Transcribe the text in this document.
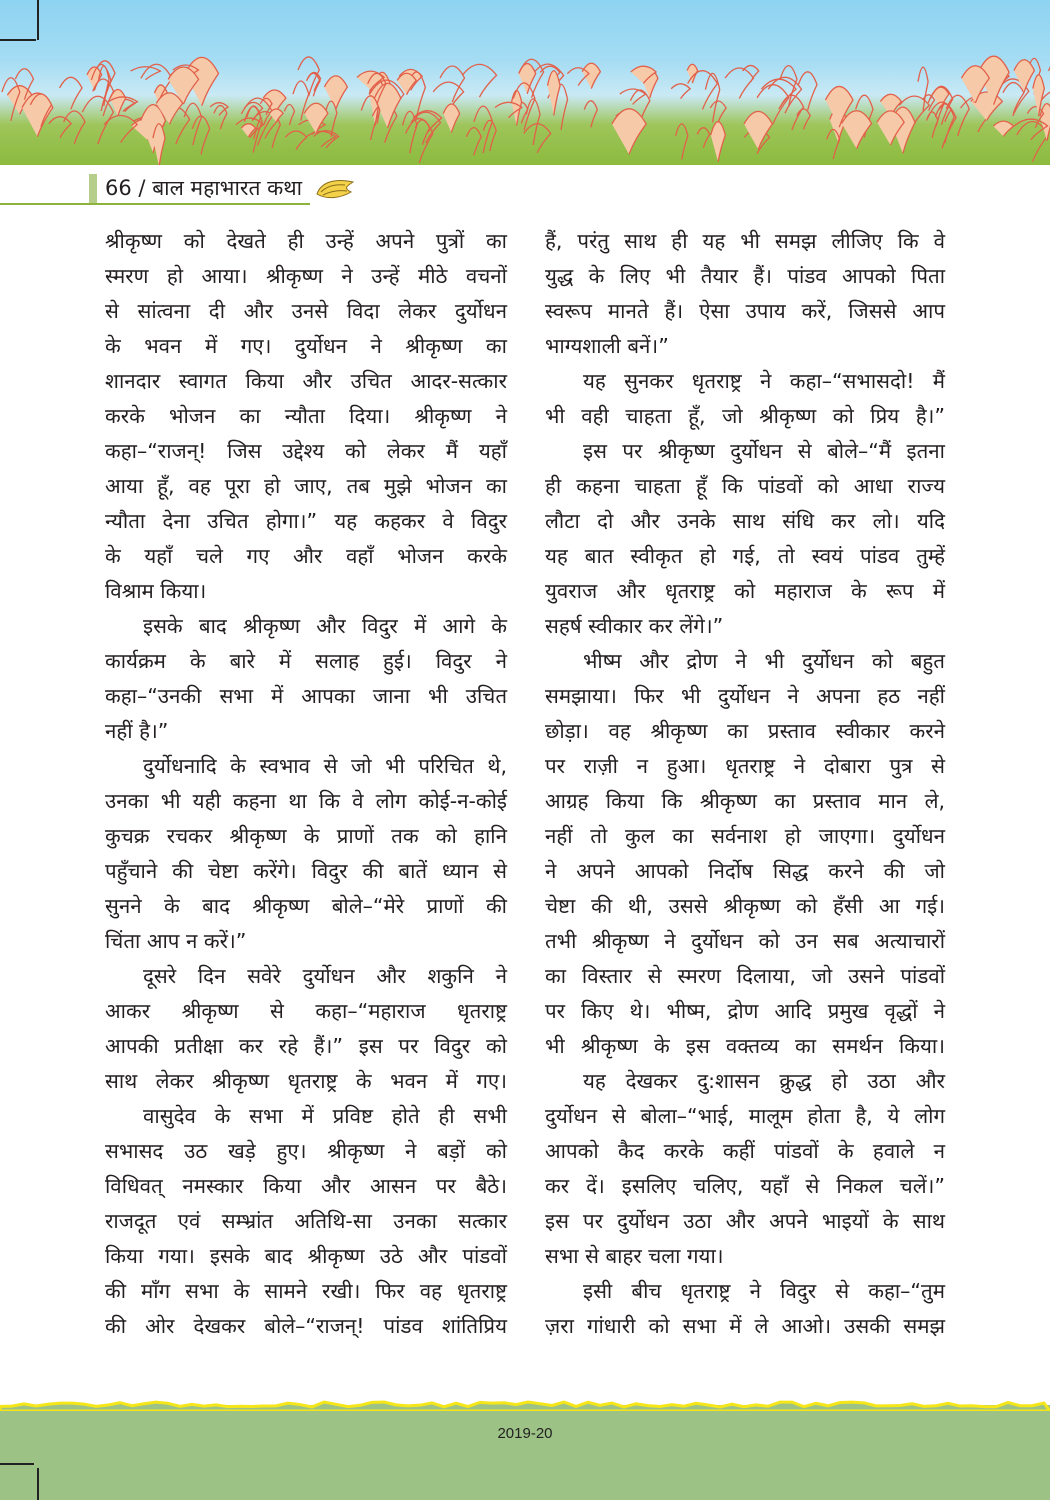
66 / बाल महाभारत कथा
श्रीकृष्ण को देखते ही उन्हें अपने पुत्रों का
स्मरण हो आया। श्रीकृष्ण ने उन्हें मीठे वचनों
से सांत्वना दी और उनसे विदा लेकर दुर्योधन
के भवन में गए। दुर्योधन ने श्रीकृष्ण का
शानदार स्वागत किया और उचित आदर-सत्कार
करके भोजन का न्यौता दिया। श्रीकृष्ण ने
कहा–“राजन्! जिस उद्देश्य को लेकर मैं यहाँ
आया हूँ, वह पूरा हो जाए, तब मुझे भोजन का
न्यौता देना उचित होगा।” यह कहकर वे विदुर
के यहाँ चले गए और वहाँ भोजन करके
विश्राम किया।
इसके बाद श्रीकृष्ण और विदुर में आगे के
कार्यक्रम के बारे में सलाह हुई। विदुर ने
कहा–“उनकी सभा में आपका जाना भी उचित
नहीं है।”
दुर्योधनादि के स्वभाव से जो भी परिचित थे,
उनका भी यही कहना था कि वे लोग कोई-न-कोई
कुचक्र रचकर श्रीकृष्ण के प्राणों तक को हानि
पहुँचाने की चेष्टा करेंगे। विदुर की बातें ध्यान से
सुनने के बाद श्रीकृष्ण बोले–“मेरे प्राणों की
चिंता आप न करें।”
दूसरे दिन सवेरे दुर्योधन और शकुनि ने
आकर श्रीकृष्ण से कहा–“महाराज धृतराष्ट्र
आपकी प्रतीक्षा कर रहे हैं।” इस पर विदुर को
साथ लेकर श्रीकृष्ण धृतराष्ट्र के भवन में गए।
वासुदेव के सभा में प्रविष्ट होते ही सभी
सभासद उठ खड़े हुए। श्रीकृष्ण ने बड़ों को
विधिवत् नमस्कार किया और आसन पर बैठे।
राजदूत एवं सम्भ्रांत अतिथि-सा उनका सत्कार
किया गया। इसके बाद श्रीकृष्ण उठे और पांडवों
की माँग सभा के सामने रखी। फिर वह धृतराष्ट्र
की ओर देखकर बोले–“राजन्! पांडव शांतिप्रिय
हैं, परंतु साथ ही यह भी समझ लीजिए कि वे
युद्ध के लिए भी तैयार हैं। पांडव आपको पिता
स्वरूप मानते हैं। ऐसा उपाय करें, जिससे आप
भाग्यशाली बनें।”
यह सुनकर धृतराष्ट्र ने कहा–“सभासदो! मैं
भी वही चाहता हूँ, जो श्रीकृष्ण को प्रिय है।”
इस पर श्रीकृष्ण दुर्योधन से बोले–“मैं इतना
ही कहना चाहता हूँ कि पांडवों को आधा राज्य
लौटा दो और उनके साथ संधि कर लो। यदि
यह बात स्वीकृत हो गई, तो स्वयं पांडव तुम्हें
युवराज और धृतराष्ट्र को महाराज के रूप में
सहर्ष स्वीकार कर लेंगे।”
भीष्म और द्रोण ने भी दुर्योधन को बहुत
समझाया। फिर भी दुर्योधन ने अपना हठ नहीं
छोड़ा। वह श्रीकृष्ण का प्रस्ताव स्वीकार करने
पर राज़ी न हुआ। धृतराष्ट्र ने दोबारा पुत्र से
आग्रह किया कि श्रीकृष्ण का प्रस्ताव मान ले,
नहीं तो कुल का सर्वनाश हो जाएगा। दुर्योधन
ने अपने आपको निर्दोष सिद्ध करने की जो
चेष्टा की थी, उससे श्रीकृष्ण को हँसी आ गई।
तभी श्रीकृष्ण ने दुर्योधन को उन सब अत्याचारों
का विस्तार से स्मरण दिलाया, जो उसने पांडवों
पर किए थे। भीष्म, द्रोण आदि प्रमुख वृद्धों ने
भी श्रीकृष्ण के इस वक्तव्य का समर्थन किया।
यह देखकर दु:शासन क्रुद्ध हो उठा और
दुर्योधन से बोला–“भाई, मालूम होता है, ये लोग
आपको कैद करके कहीं पांडवों के हवाले न
कर दें। इसलिए चलिए, यहाँ से निकल चलें।”
इस पर दुर्योधन उठा और अपने भाइयों के साथ
सभा से बाहर चला गया।
इसी बीच धृतराष्ट्र ने विदुर से कहा–“तुम
ज़रा गांधारी को सभा में ले आओ। उसकी समझ
2019-20
